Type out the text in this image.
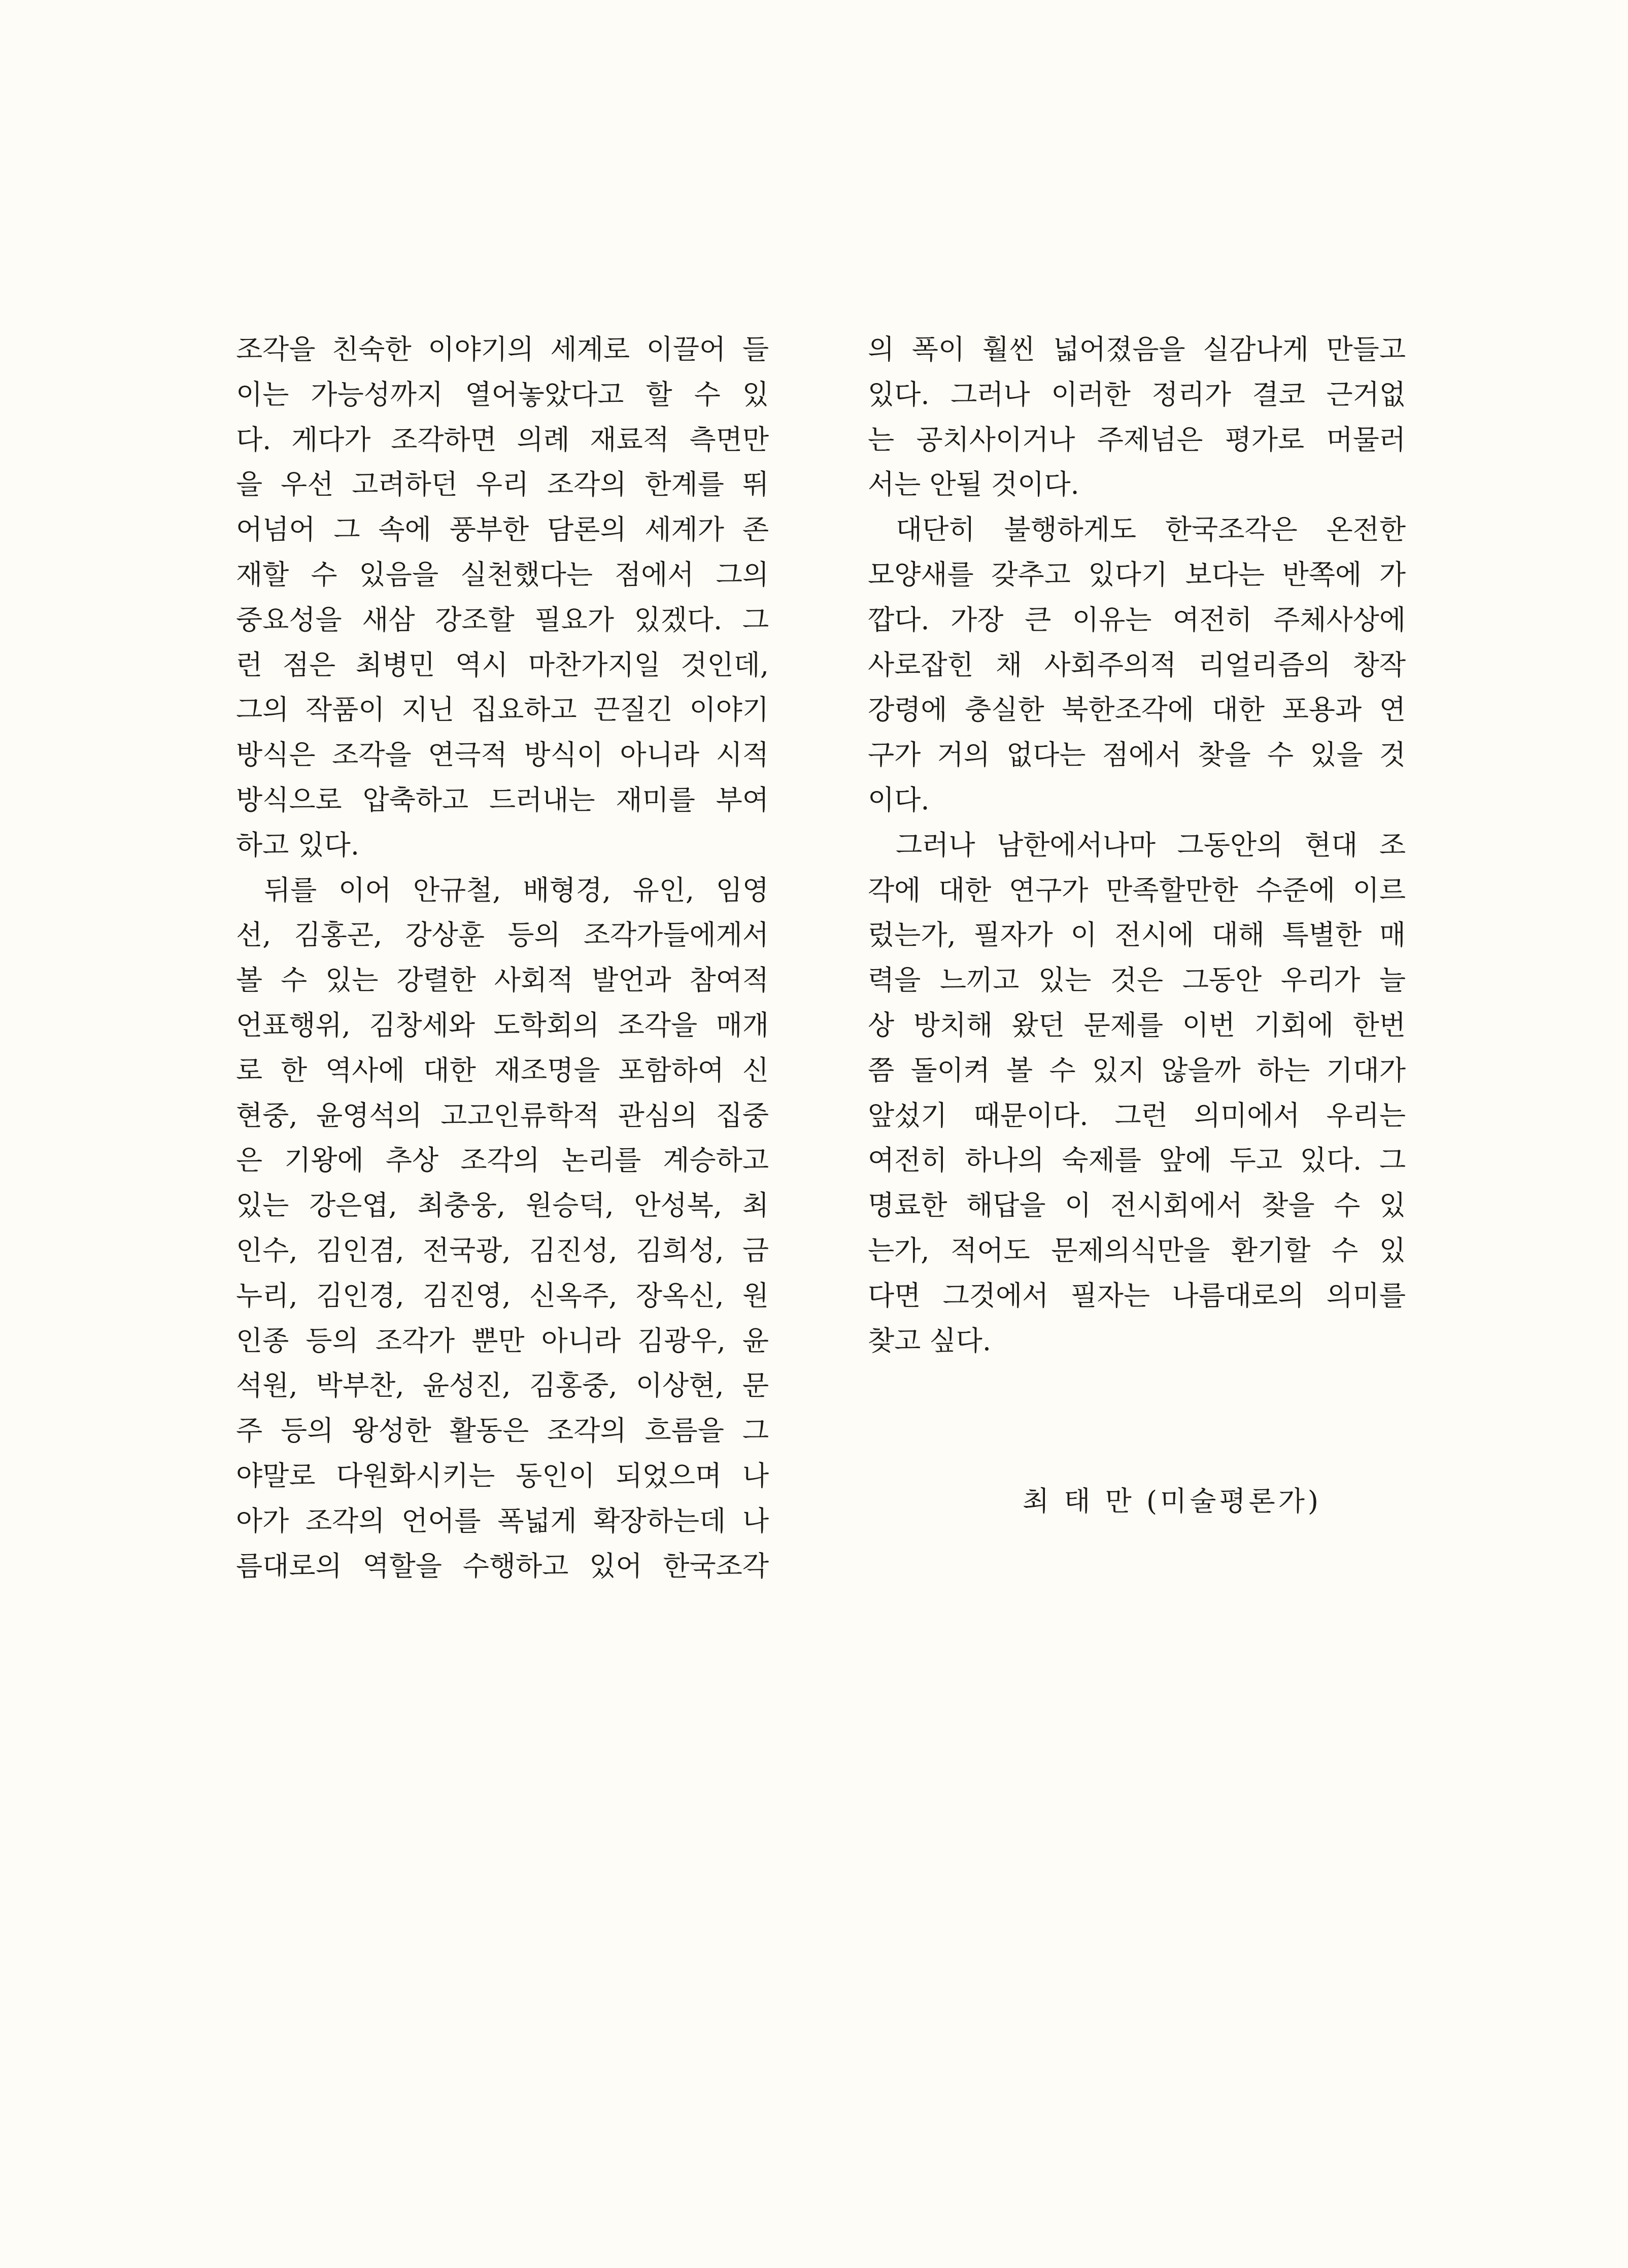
조각을 친숙한 이야기의 세계로 이끌어 들
이는 가능성까지 열어놓았다고 할 수 있
다. 게다가 조각하면 의례 재료적 측면만
을 우선 고려하던 우리 조각의 한계를 뛰
어넘어 그 속에 풍부한 담론의 세계가 존
재할 수 있음을 실천했다는 점에서 그의
중요성을 새삼 강조할 필요가 있겠다. 그
런 점은 최병민 역시 마찬가지일 것인데,
그의 작품이 지닌 집요하고 끈질긴 이야기
방식은 조각을 연극적 방식이 아니라 시적
방식으로 압축하고 드러내는 재미를 부여
하고 있다.
뒤를 이어 안규철, 배형경, 유인, 임영
선, 김홍곤, 강상훈 등의 조각가들에게서
볼 수 있는 강렬한 사회적 발언과 참여적
언표행위, 김창세와 도학회의 조각을 매개
로 한 역사에 대한 재조명을 포함하여 신
현중, 윤영석의 고고인류학적 관심의 집중
은 기왕에 추상 조각의 논리를 계승하고
있는 강은엽, 최충웅, 원승덕, 안성복, 최
인수, 김인겸, 전국광, 김진성, 김희성, 금
누리, 김인경, 김진영, 신옥주, 장옥신, 원
인종 등의 조각가 뿐만 아니라 김광우, 윤
석원, 박부찬, 윤성진, 김홍중, 이상현, 문
주 등의 왕성한 활동은 조각의 흐름을 그
야말로 다원화시키는 동인이 되었으며 나
아가 조각의 언어를 폭넓게 확장하는데 나
름대로의 역할을 수행하고 있어 한국조각
의 폭이 훨씬 넓어졌음을 실감나게 만들고
있다. 그러나 이러한 정리가 결코 근거없
는 공치사이거나 주제넘은 평가로 머물러
서는 안될 것이다.
대단히 불행하게도 한국조각은 온전한
모양새를 갖추고 있다기 보다는 반쪽에 가
깝다. 가장 큰 이유는 여전히 주체사상에
사로잡힌 채 사회주의적 리얼리즘의 창작
강령에 충실한 북한조각에 대한 포용과 연
구가 거의 없다는 점에서 찾을 수 있을 것
이다.
그러나 남한에서나마 그동안의 현대 조
각에 대한 연구가 만족할만한 수준에 이르
렀는가, 필자가 이 전시에 대해 특별한 매
력을 느끼고 있는 것은 그동안 우리가 늘
상 방치해 왔던 문제를 이번 기회에 한번
쯤 돌이켜 볼 수 있지 않을까 하는 기대가
앞섰기 때문이다. 그런 의미에서 우리는
여전히 하나의 숙제를 앞에 두고 있다. 그
명료한 해답을 이 전시회에서 찾을 수 있
는가, 적어도 문제의식만을 환기할 수 있
다면 그것에서 필자는 나름대로의 의미를
찾고 싶다.
최 태 만 (미술평론가)
